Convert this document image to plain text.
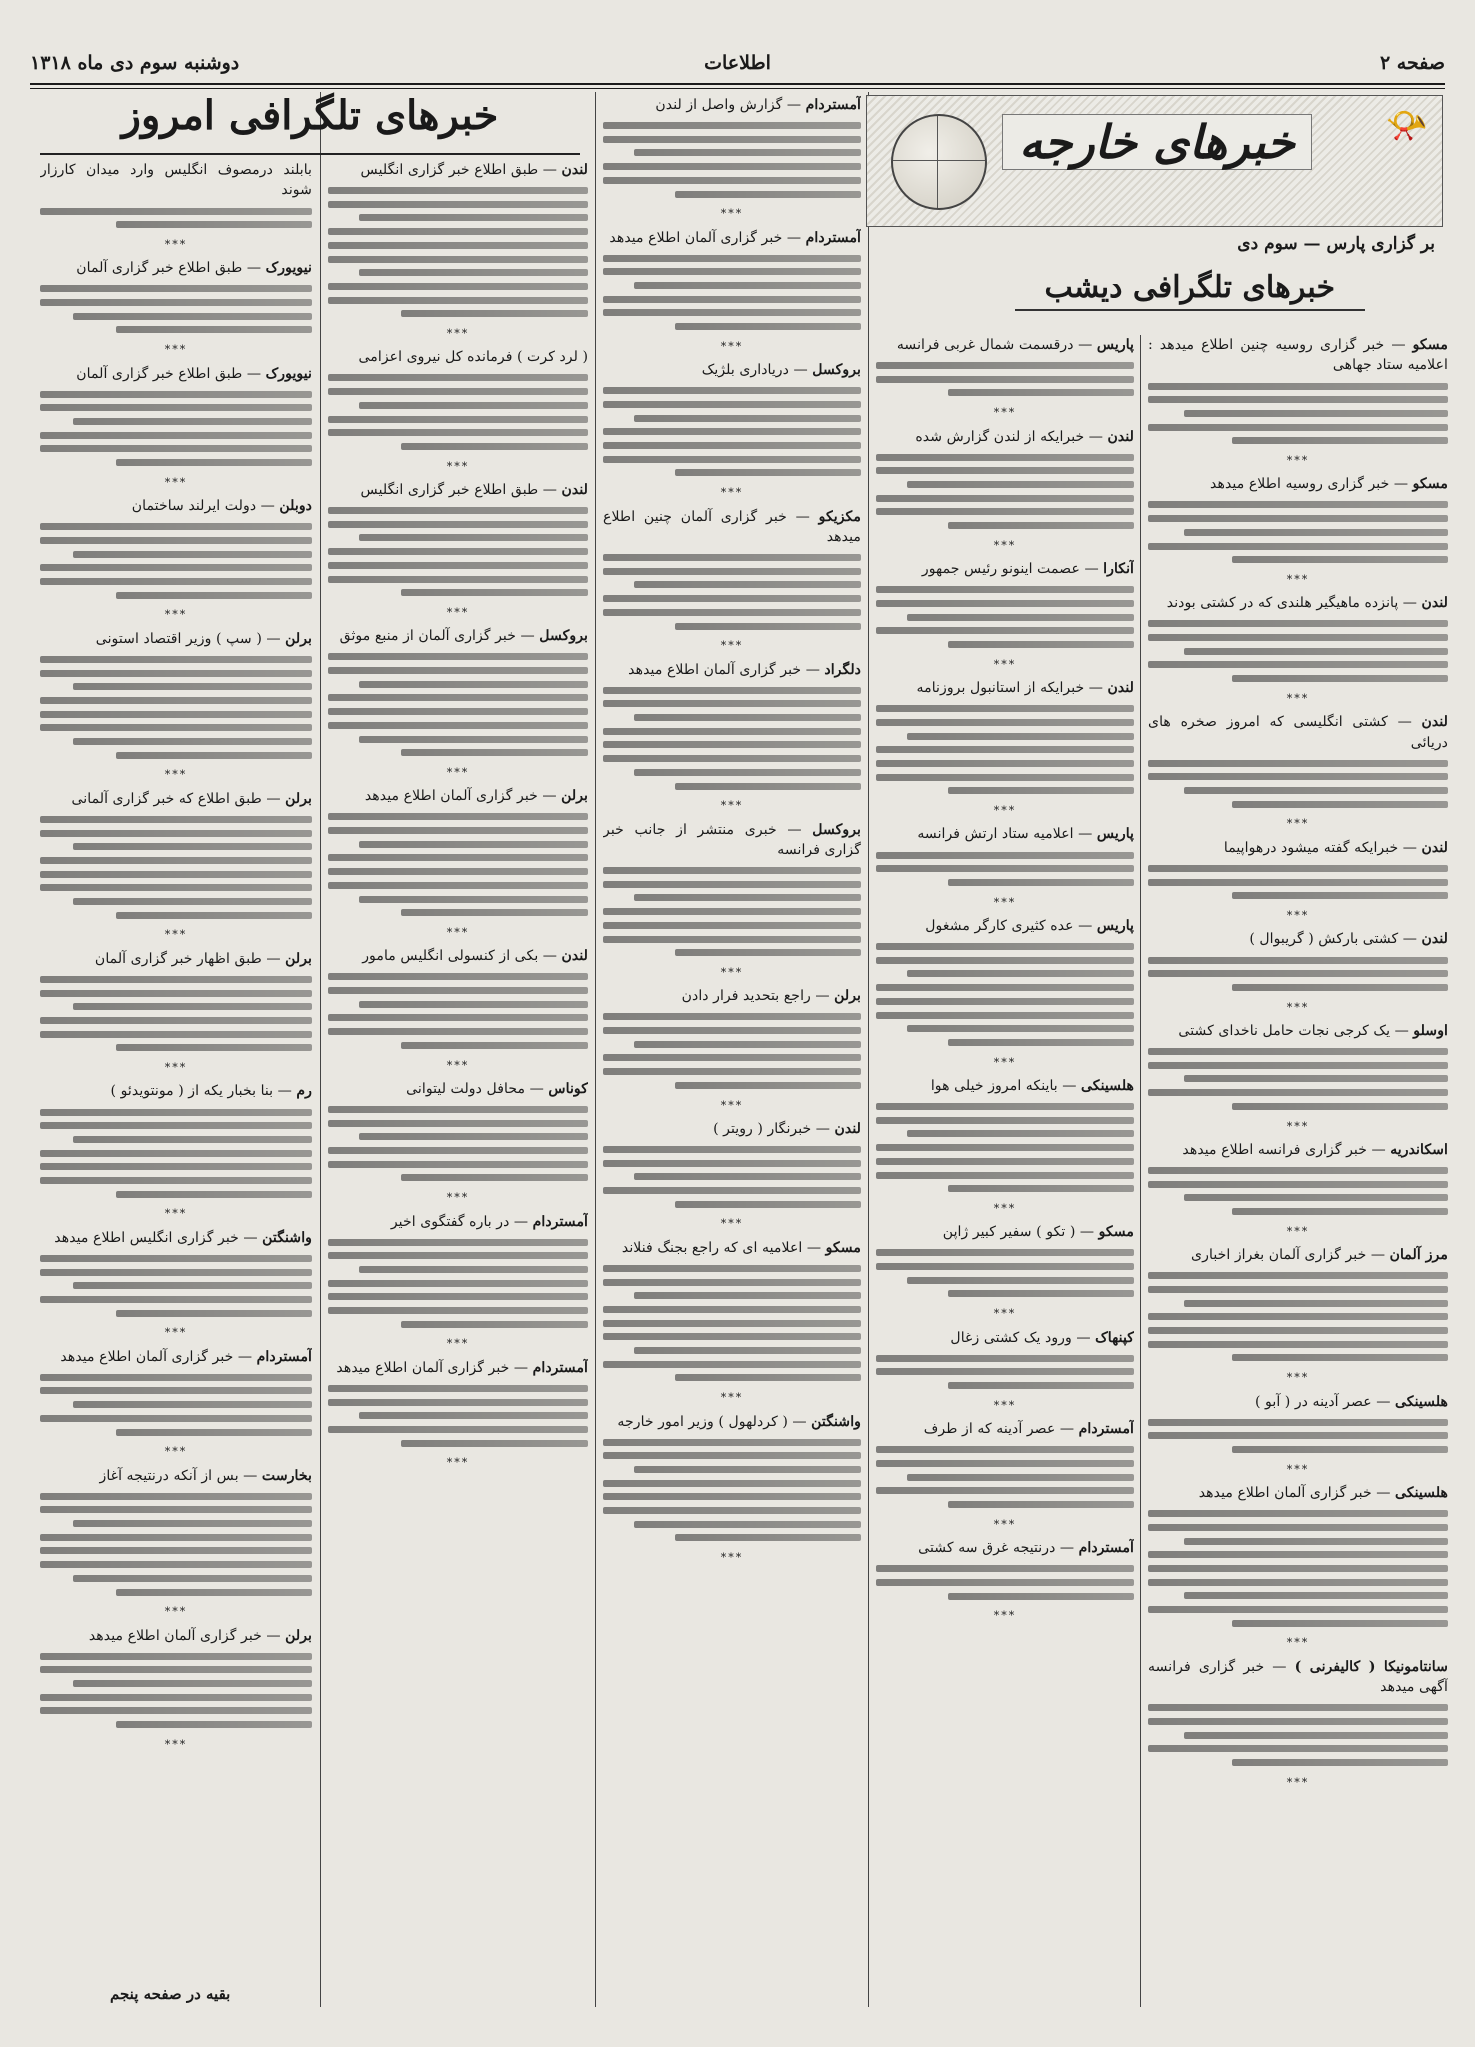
صفحه ۲
اطلاعات
دوشنبه سوم دی ماه ۱۳۱۸
📯
خبرهای خارجه
بر گزاری پارس — سوم دی
خبرهای تلگرافی دیشب
خبرهای تلگرافی امروز

مسکو — خبر گزاری روسیه چنین اطلاع میدهد : اعلامیه ستاد جهاهی

***

مسکو — خبر گزاری روسیه اطلاع میدهد

***

لندن — پانزده ماهیگیر هلندی که در کشتی بودند

***

لندن — کشتی انگلیسی که امروز صخره های دریائی

***

لندن — خبرایکه گفته میشود درهواپیما

***

لندن — کشتی بارکش ( گریبوال )

***

اوسلو — یک کرجی نجات حامل ناخدای کشتی

***

اسکاندریه — خبر گزاری فرانسه اطلاع میدهد

***

مرز آلمان — خبر گزاری آلمان بغراز اخباری

***

هلسینکی — عصر آدینه در ( آبو )

***

هلسینکی — خبر گزاری آلمان اطلاع میدهد

***

سانتامونیکا ( کالیفرنی ) — خبر گزاری فرانسه آگهی میدهد

***

پاریس — درقسمت شمال غربی فرانسه

***

لندن — خبرایکه از لندن گزارش شده

***

آنکارا — عصمت اینونو رئیس جمهور

***

لندن — خبرایکه از استانبول بروزنامه

***

پاریس — اعلامیه ستاد ارتش فرانسه

***

پاریس — عده کثیری کارگر مشغول

***

هلسینکی — باینکه امروز خیلی هوا

***

مسکو — ( تکو ) سفیر کبیر ژاپن

***

کپنهاک — ورود یک کشتی زغال

***

آمستردام — عصر آدینه که از طرف

***

آمستردام — درنتیجه غرق سه کشتی

***

آمستردام — گزارش واصل از لندن

***

آمستردام — خبر گزاری آلمان اطلاع میدهد

***

بروکسل — دریاداری بلژیک

***

مکزیکو — خبر گزاری آلمان چنین اطلاع میدهد

***

دلگراد — خبر گزاری آلمان اطلاع میدهد

***

بروکسل — خبری منتشر از جانب خبر گزاری فرانسه

***

برلن — راجع بتحدید فرار دادن

***

لندن — خبرنگار ( رویتر )

***

مسکو — اعلامیه ای که راجع بجنگ فنلاند

***

واشنگتن — ( کردلهول ) وزیر امور خارجه

***

لندن — طبق اطلاع خبر گزاری انگلیس

***

( لرد کرت ) فرمانده کل نیروی اعزامی

***

لندن — طبق اطلاع خبر گزاری انگلیس

***

بروکسل — خبر گزاری آلمان از منبع موثق

***

برلن — خبر گزاری آلمان اطلاع میدهد

***

لندن — بکی از کنسولی انگلیس مامور

***

کوناس — محافل دولت لیتوانی

***

آمستردام — در باره گفتگوی اخیر

***

آمستردام — خبر گزاری آلمان اطلاع میدهد

***

بابلند درمصوف انگلیس وارد میدان کارزار شوند

***

نیویورک — طبق اطلاع خبر گزاری آلمان

***

نیویورک — طبق اطلاع خبر گزاری آلمان

***

دوبلن — دولت ایرلند ساختمان

***

برلن — ( سپ ) وزیر اقتصاد استونی

***

برلن — طبق اطلاع که خبر گزاری آلمانی

***

برلن — طبق اظهار خبر گزاری آلمان

***

رم — بنا بخبار یکه از ( مونتویدئو )

***

واشنگتن — خبر گزاری انگلیس اطلاع میدهد

***

آمستردام — خبر گزاری آلمان اطلاع میدهد

***

بخارست — بس از آنکه درنتیجه آغاز

***

برلن — خبر گزاری آلمان اطلاع میدهد

***
بقیه در صفحه پنجم
